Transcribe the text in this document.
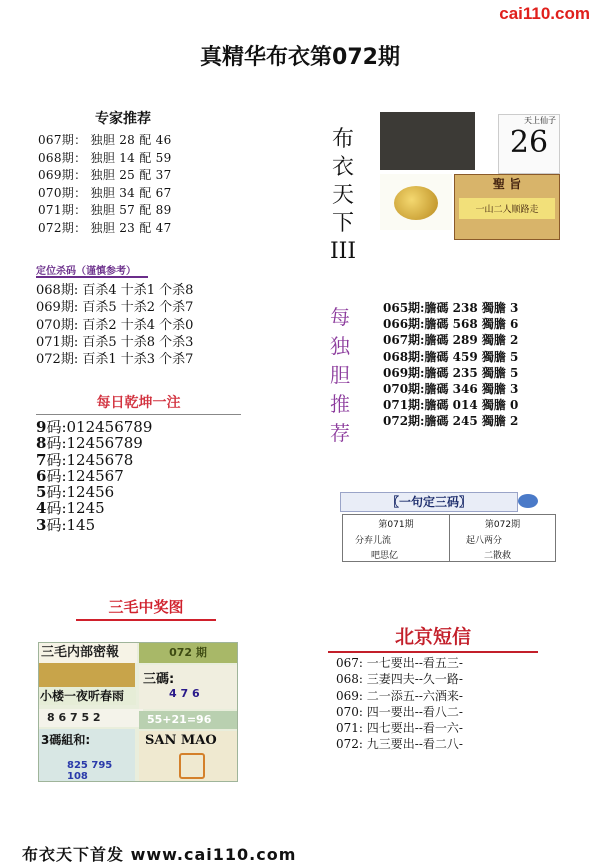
cai110.com
真精华布衣第072期
专家推荐
067期： 独胆 28 配 46
068期： 独胆 14 配 59
069期： 独胆 25 配 37
070期： 独胆 34 配 67
071期： 独胆 57 配 89
072期： 独胆 23 配 47
定位杀码（谨慎参考）
068期: 百杀4 十杀1 个杀8
069期: 百杀5 十杀2 个杀7
070期: 百杀2 十杀4 个杀0
071期: 百杀5 十杀8 个杀3
072期: 百杀1 十杀3 个杀7
每日乾坤一注
9码:012456789
8码:12456789
7码:1245678
6码:124567
5码:12456
4码:1245
3码:145
三毛中奖图
三毛内部密報	072 期
小楼一夜听春雨
三碼:
4 7 6
8 6 7 5 2	55+21=96
3碼組和:
825 795 108
SAN MAO
布
衣
天
下
III
天上仙子
26
聖 旨
一山二人顺路走
每
独
胆
推
荐
065期:膽碼 238 獨膽 3
066期:膽碼 568 獨膽 6
067期:膽碼 289 獨膽 2
068期:膽碼 459 獨膽 5
069期:膽碼 235 獨膽 5
070期:膽碼 346 獨膽 3
071期:膽碼 014 獨膽 0
072期:膽碼 245 獨膽 2
〖一句定三码〗
第071期
分弃儿流
吧思亿
第072期
起八两分
二散救
北京短信
067: 一七要出--看五三-
068: 三妻四夫--久一路-
069: 二一添五--六酒来-
070: 四一要出--看八二-
071: 四七要出--看一六-
072: 九三要出--看二八-
布衣天下首发 www.cai110.com
